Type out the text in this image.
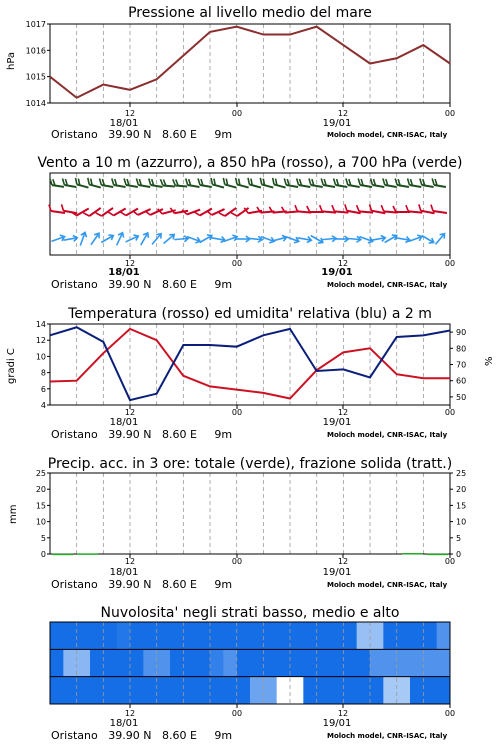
Pressione al livello medio del mare
hPa
1014
1015
1016
1017
12	00	12	00
18/01	19/01
Oristano 39.90 N 8.60 E 9m	Moloch model, CNR-ISAC, Italy
Vento a 10 m (azzurro), a 850 hPa (rosso), a 700 hPa (verde)
12	00	12	00
18/01	19/01
Oristano 39.90 N 8.60 E 9m	Moloch model, CNR-ISAC, Italy
Temperatura (rosso) ed umidita' relativa (blu) a 2 m
gradi C	%
4
6
8
10
12
14
50
60
70
80
90
12	00	12	00
18/01	19/01
Oristano 39.90 N 8.60 E 9m	Moloch model, CNR-ISAC, Italy
Precip. acc. in 3 ore: totale (verde), frazione solida (tratt.)
mm
0	0
5	5
10	10
15	15
20	20
25	25
12	00	12	00
18/01	19/01
Oristano 39.90 N 8.60 E 9m	Moloch model, CNR-ISAC, Italy
Nuvolosita' negli strati basso, medio e alto
12	00	12	00
18/01	19/01
Oristano 39.90 N 8.60 E 9m	Moloch model, CNR-ISAC, Italy
